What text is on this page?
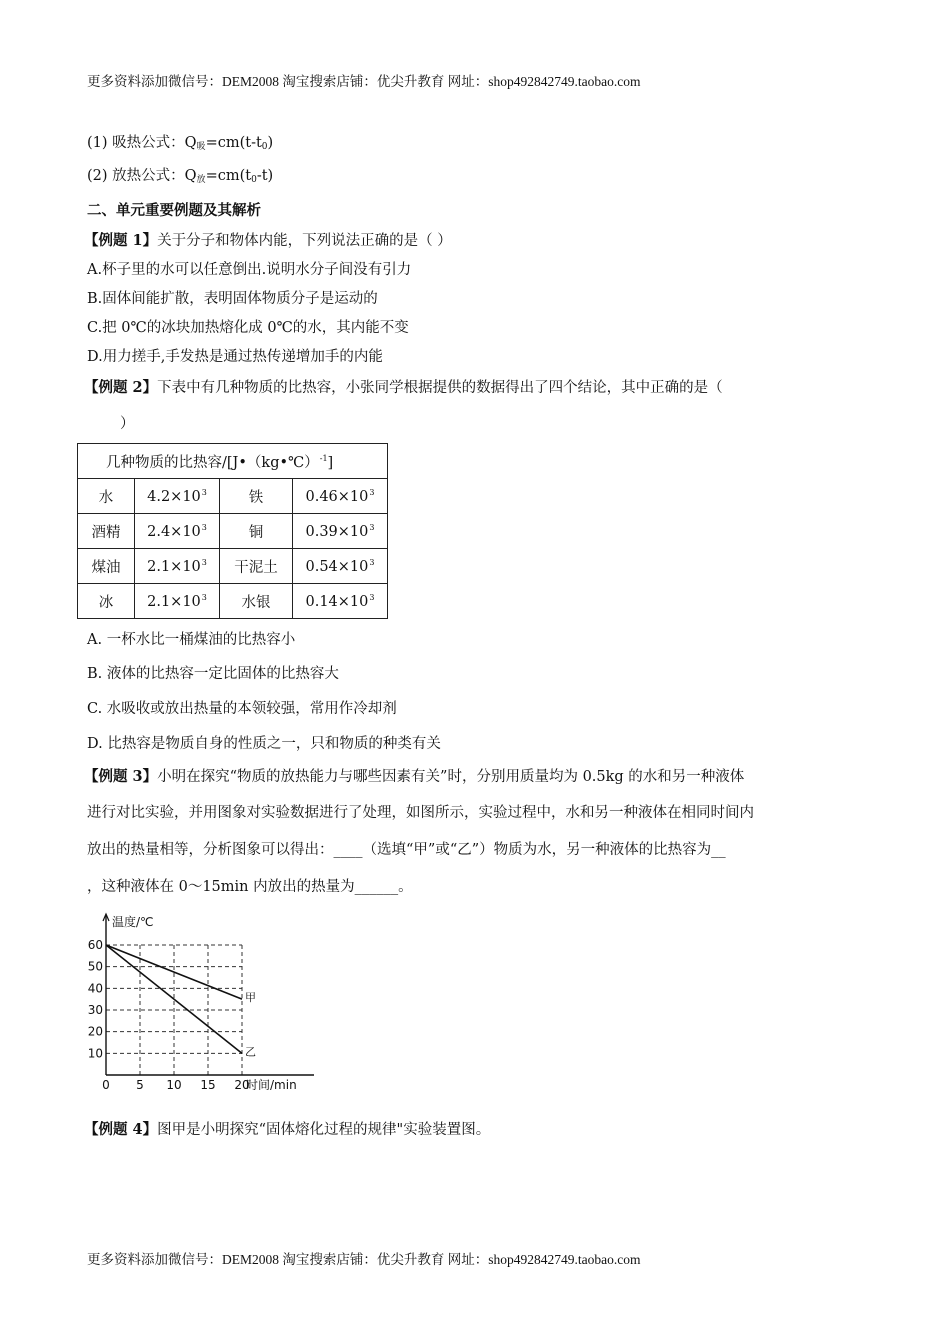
更多资料添加微信号：DEM2008 淘宝搜索店铺：优尖升教育 网址：shop492842749.taobao.com
(1) 吸热公式：$Q_吸=cm(t-t_0)$
(2) 放热公式：$Q_放=cm(t_0-t)$
二、单元重要例题及其解析
【例题 1】关于分子和物体内能，下列说法正确的是（ ）
A.杯子里的水可以任意倒出.说明水分子间没有引力
B.固体间能扩散，表明固体物质分子是运动的
C.把 0℃的冰块加热熔化成 0℃的水，其内能不变
D.用力搓手,手发热是通过热传递增加手的内能
【例题 2】下表中有几种物质的比热容，小张同学根据提供的数据得出了四个结论，其中正确的是（
）
几种物质的比热容/[J•（kg•℃）$^{-1}$]			
水	$4.2\times 10^3$	铁	$0.46\times 10^3$
酒精	$2.4\times 10^3$	铜	$0.39\times 10^3$
煤油	$2.1\times 10^3$	干泥土	$0.54\times 10^3$
冰	$2.1\times 10^3$	水银	$0.14\times 10^3$
A. 一杯水比一桶煤油的比热容小
B. 液体的比热容一定比固体的比热容大
C. 水吸收或放出热量的本领较强，常用作冷却剂
D. 比热容是物质自身的性质之一，只和物质的种类有关
【例题 3】小明在探究“物质的放热能力与哪些因素有关”时，分别用质量均为 0.5kg 的水和另一种液体
进行对比实验，并用图象对实验数据进行了处理，如图所示，实验过程中，水和另一种液体在相同时间内
放出的热量相等，分析图象可以得出：____（选填“甲”或“乙”）物质为水，另一种液体的比热容为__
，这种液体在 0～15min 内放出的热量为______。
10
20
30
40
50
60
0 5 10 15 20
温度/℃
时间/min
甲
乙
【例题 4】图甲是小明探究“固体熔化过程的规律"实验装置图。
更多资料添加微信号：DEM2008 淘宝搜索店铺：优尖升教育 网址：shop492842749.taobao.com
